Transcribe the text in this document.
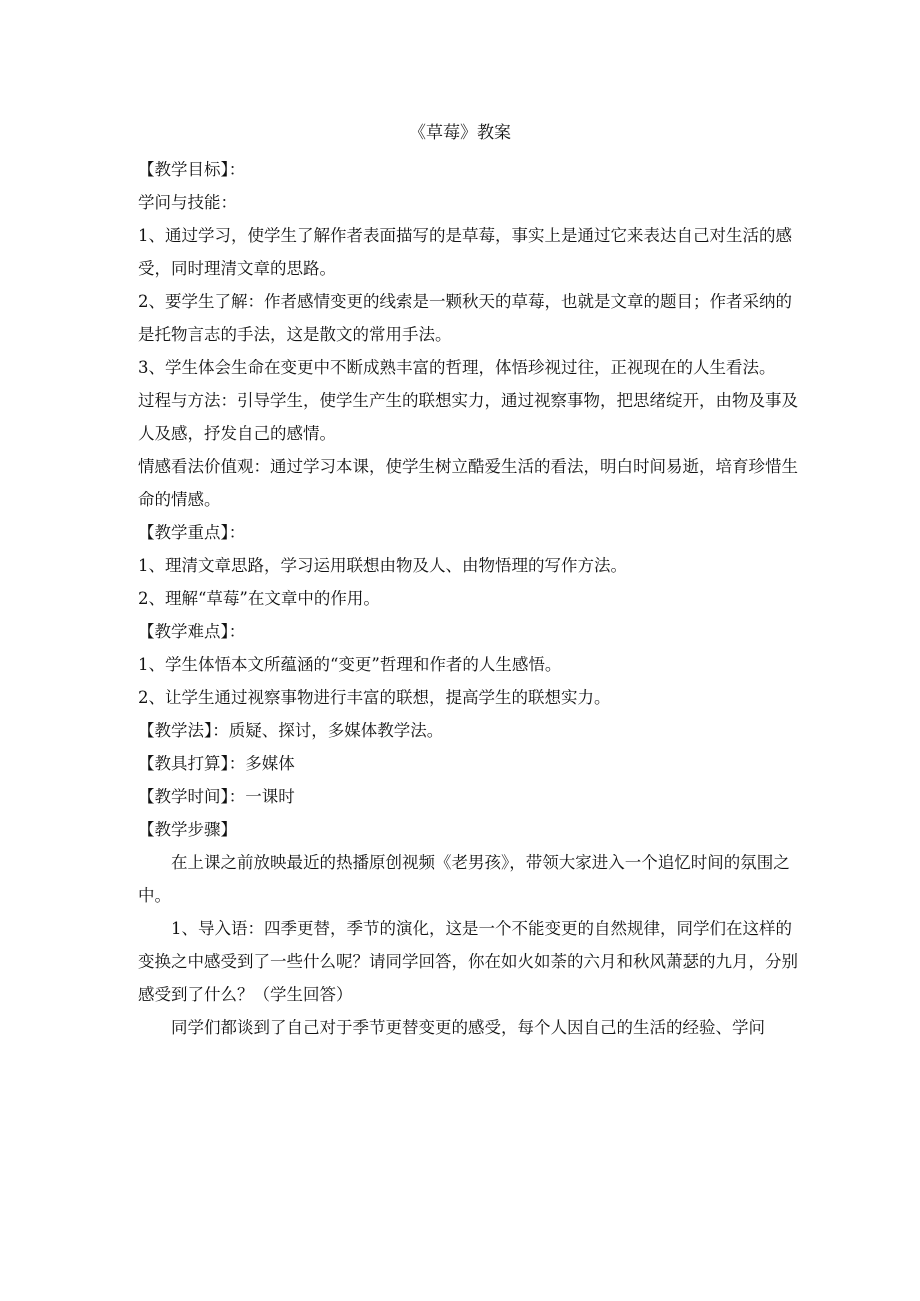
《草莓》教案

【教学目标】：

学问与技能：

1、通过学习，使学生了解作者表面描写的是草莓，事实上是通过它来表达自己对生活的感受，同时理清文章的思路。

2、要学生了解：作者感情变更的线索是一颗秋天的草莓，也就是文章的题目；作者采纳的是托物言志的手法，这是散文的常用手法。

3、学生体会生命在变更中不断成熟丰富的哲理，体悟珍视过往，正视现在的人生看法。

过程与方法：引导学生，使学生产生的联想实力，通过视察事物，把思绪绽开，由物及事及人及感，抒发自己的感情。

情感看法价值观：通过学习本课，使学生树立酷爱生活的看法，明白时间易逝，培育珍惜生命的情感。

【教学重点】：

1、理清文章思路，学习运用联想由物及人、由物悟理的写作方法。

2、理解“草莓”在文章中的作用。

【教学难点】：

1、学生体悟本文所蕴涵的“变更”哲理和作者的人生感悟。

2、让学生通过视察事物进行丰富的联想，提高学生的联想实力。

【教学法】：质疑、探讨，多媒体教学法。

【教具打算】：多媒体

【教学时间】：一课时

【教学步骤】

在上课之前放映最近的热播原创视频《老男孩》，带领大家进入一个追忆时间的氛围之中。

1、导入语：四季更替，季节的演化，这是一个不能变更的自然规律，同学们在这样的变换之中感受到了一些什么呢？请同学回答，你在如火如荼的六月和秋风萧瑟的九月，分别感受到了什么？（学生回答）

同学们都谈到了自己对于季节更替变更的感受，每个人因自己的生活的经验、学问
